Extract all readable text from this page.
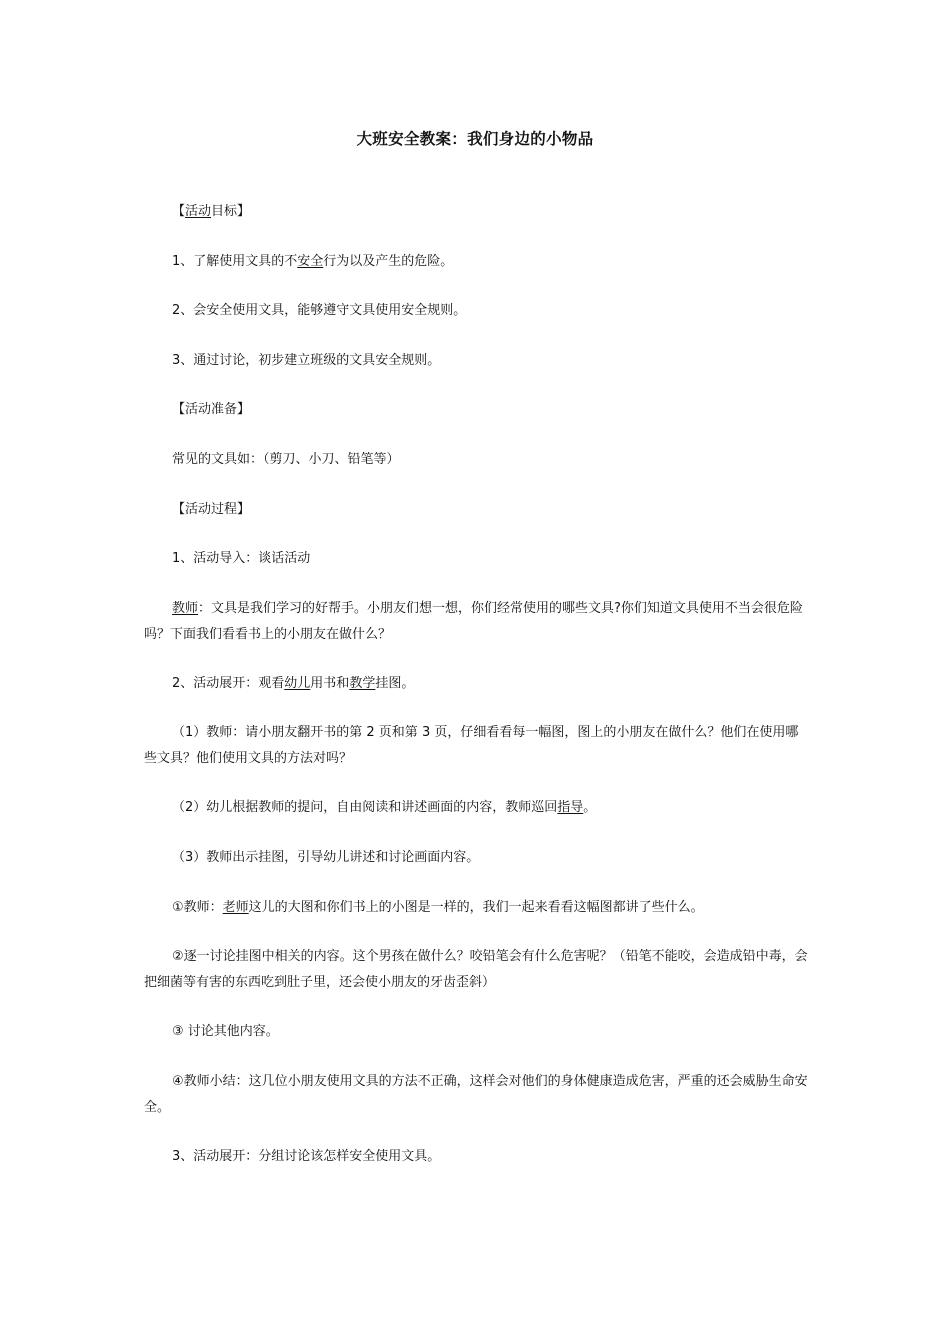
大班安全教案：我们身边的小物品

【活动目标】

1、了解使用文具的不安全行为以及产生的危险。

2、会安全使用文具，能够遵守文具使用安全规则。

3、通过讨论，初步建立班级的文具安全规则。

【活动准备】

常见的文具如：（剪刀、小刀、铅笔等）

【活动过程】

1、活动导入：谈话活动

教师：文具是我们学习的好帮手。小朋友们想一想，你们经常使用的哪些文具?你们知道文具使用不当会很危险吗？下面我们看看书上的小朋友在做什么？

2、活动展开：观看幼儿用书和教学挂图。

（1）教师：请小朋友翻开书的第 2 页和第 3 页，仔细看看每一幅图，图上的小朋友在做什么？他们在使用哪些文具？他们使用文具的方法对吗？

（2）幼儿根据教师的提问，自由阅读和讲述画面的内容，教师巡回指导。

（3）教师出示挂图，引导幼儿讲述和讨论画面内容。

①教师：老师这儿的大图和你们书上的小图是一样的，我们一起来看看这幅图都讲了些什么。

②逐一讨论挂图中相关的内容。这个男孩在做什么？咬铅笔会有什么危害呢？（铅笔不能咬，会造成铅中毒，会把细菌等有害的东西吃到肚子里，还会使小朋友的牙齿歪斜）

③ 讨论其他内容。

④教师小结：这几位小朋友使用文具的方法不正确，这样会对他们的身体健康造成危害，严重的还会威胁生命安全。

3、活动展开：分组讨论该怎样安全使用文具。
